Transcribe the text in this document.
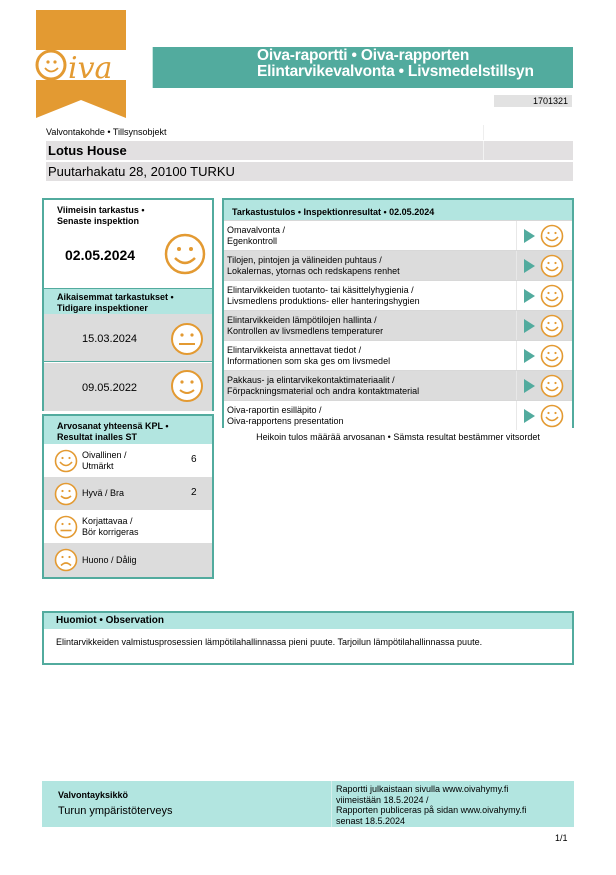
iva	Oiva-raportti • Oiva-rapporten
Elintarvikevalvonta • Livsmedelstillsyn
1701321
Valvontakohde • Tillsynsobjekt
Lotus House
Puutarhakatu 28, 20100 TURKU
Viimeisin tarkastus •
Senaste inspektion
02.05.2024
Aikaisemmat tarkastukset •
Tidigare inspektioner
15.03.2024
09.05.2022
Arvosanat yhteensä KPL •
Resultat inalles ST
Oivallinen /
Utmärkt
6
Hyvä / Bra	2
Korjattavaa /
Bör korrigeras
Huono / Dålig
Tarkastustulos • Inspektionresultat • 02.05.2024
Omavalvonta /
Egenkontroll
Tilojen, pintojen ja välineiden puhtaus /
Lokalernas, ytornas och redskapens renhet
Elintarvikkeiden tuotanto- tai käsittelyhygienia /
Livsmedlens produktions- eller hanteringshygien
Elintarvikkeiden lämpötilojen hallinta /
Kontrollen av livsmedlens temperaturer
Elintarvikkeista annettavat tiedot /
Informationen som ska ges om livsmedel
Pakkaus- ja elintarvikekontaktimateriaalit /
Förpackningsmaterial och andra kontaktmaterial
Oiva-raportin esilläpito /
Oiva-rapportens presentation
Heikoin tulos määrää arvosanan • Sämsta resultat bestämmer vitsordet
Huomiot • Observation
Elintarvikkeiden valmistusprosessien lämpötilahallinnassa pieni puute. Tarjoilun lämpötilahallinnassa puute.
Valvontayksikkö
Turun ympäristöterveys
Raportti julkaistaan sivulla www.oivahymy.fi
viimeistään 18.5.2024 /
Rapporten publiceras på sidan www.oivahymy.fi
senast 18.5.2024
1/1
